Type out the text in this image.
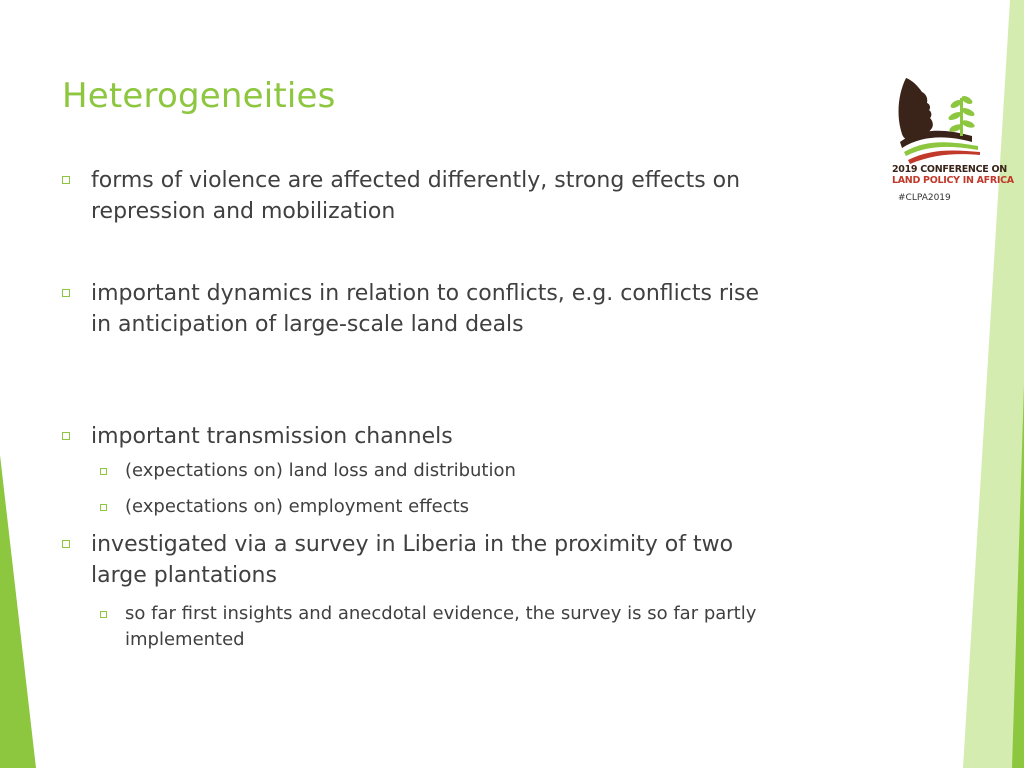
Heterogeneities
forms of violence are affected differently, strong effects on repression and mobilization
important dynamics in relation to conflicts, e.g. conflicts rise in anticipation of large-scale land deals
important transmission channels
(expectations on) land loss and distribution
(expectations on) employment effects
investigated via a survey in Liberia in the proximity of two large plantations
so far first insights and anecdotal evidence, the survey is so far partly implemented
2019 CONFERENCE ON
LAND POLICY IN AFRICA
#CLPA2019
